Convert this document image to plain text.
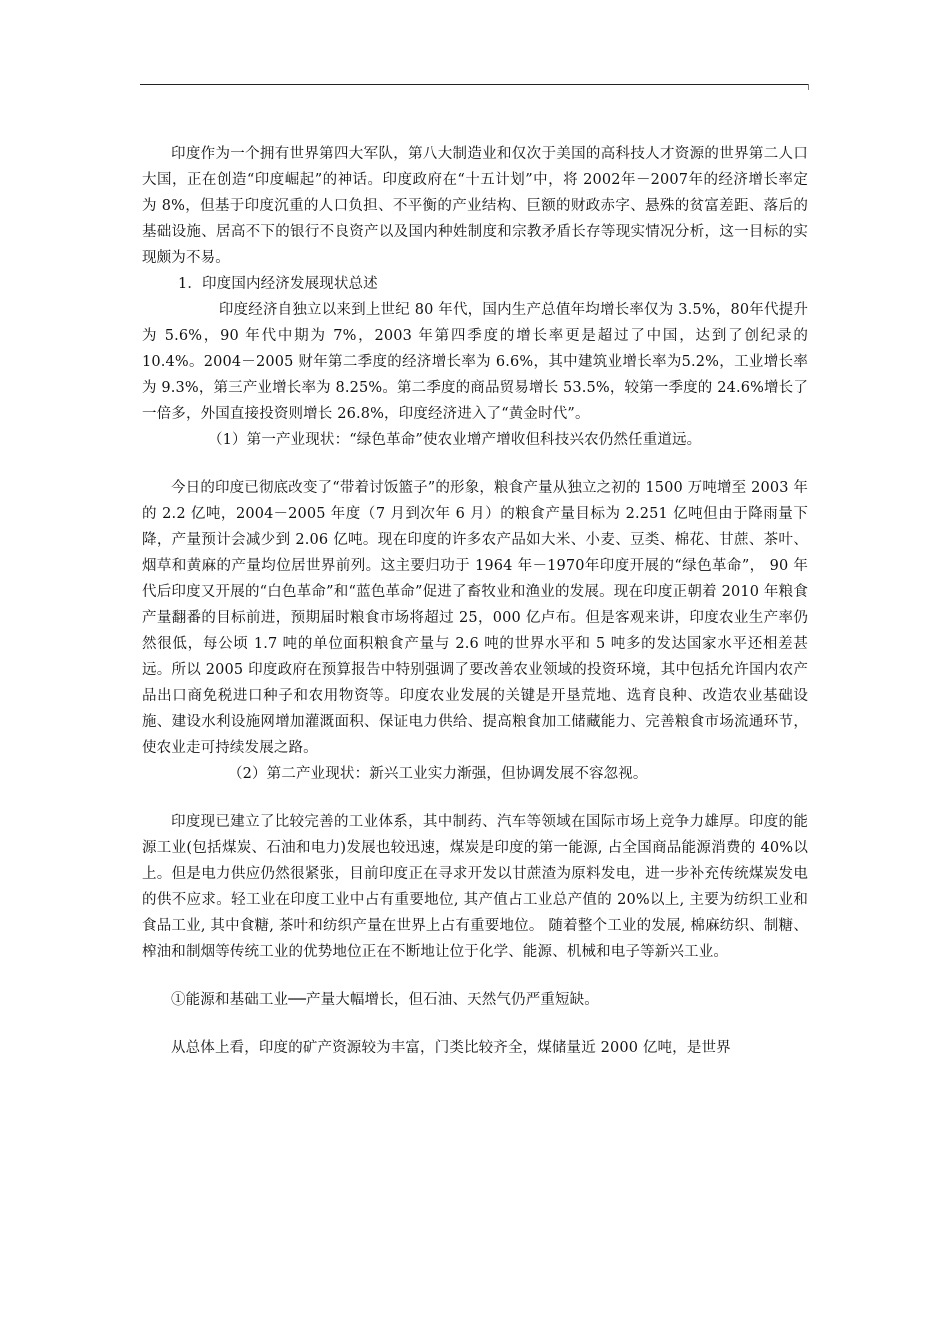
印度作为一个拥有世界第四大军队，第八大制造业和仅次于美国的高科技人才资源的世界第二人口大国，正在创造“印度崛起”的神话。印度政府在“十五计划”中，将 2002年－2007年的经济增长率定为 8%，但基于印度沉重的人口负担、不平衡的产业结构、巨额的财政赤字、悬殊的贫富差距、落后的基础设施、居高不下的银行不良资产以及国内种姓制度和宗教矛盾长存等现实情况分析，这一目标的实现颇为不易。

1．印度国内经济发展现状总述

印度经济自独立以来到上世纪 80 年代，国内生产总值年均增长率仅为 3.5%，80年代提升为 5.6%，90 年代中期为 7%，2003 年第四季度的增长率更是超过了中国，达到了创纪录的 10.4%。2004－2005 财年第二季度的经济增长率为 6.6%，其中建筑业增长率为5.2%，工业增长率为 9.3%，第三产业增长率为 8.25%。第二季度的商品贸易增长 53.5%，较第一季度的 24.6%增长了一倍多，外国直接投资则增长 26.8%，印度经济进入了“黄金时代”。

（1）第一产业现状：“绿色革命”使农业增产增收但科技兴农仍然任重道远。

今日的印度已彻底改变了“带着讨饭篮子”的形象，粮食产量从独立之初的 1500 万吨增至 2003 年的 2.2 亿吨，2004－2005 年度（7 月到次年 6 月）的粮食产量目标为 2.251 亿吨但由于降雨量下降，产量预计会减少到 2.06 亿吨。现在印度的许多农产品如大米、小麦、豆类、棉花、甘蔗、茶叶、烟草和黄麻的产量均位居世界前列。这主要归功于 1964 年－1970年印度开展的“绿色革命”， 90 年代后印度又开展的“白色革命”和“蓝色革命”促进了畜牧业和渔业的发展。现在印度正朝着 2010 年粮食产量翻番的目标前进，预期届时粮食市场将超过 25，000 亿卢布。但是客观来讲，印度农业生产率仍然很低，每公顷 1.7 吨的单位面积粮食产量与 2.6 吨的世界水平和 5 吨多的发达国家水平还相差甚远。所以 2005 印度政府在预算报告中特别强调了要改善农业领域的投资环境，其中包括允许国内农产品出口商免税进口种子和农用物资等。印度农业发展的关键是开垦荒地、选育良种、改造农业基础设施、建设水利设施网增加灌溉面积、保证电力供给、提高粮食加工储藏能力、完善粮食市场流通环节，使农业走可持续发展之路。

（2）第二产业现状：新兴工业实力渐强，但协调发展不容忽视。

印度现已建立了比较完善的工业体系，其中制药、汽车等领域在国际市场上竞争力雄厚。印度的能源工业(包括煤炭、石油和电力)发展也较迅速，煤炭是印度的第一能源, 占全国商品能源消费的 40%以上。但是电力供应仍然很紧张，目前印度正在寻求开发以甘蔗渣为原料发电，进一步补充传统煤炭发电的供不应求。轻工业在印度工业中占有重要地位, 其产值占工业总产值的 20%以上, 主要为纺织工业和食品工业, 其中食糖, 茶叶和纺织产量在世界上占有重要地位。 随着整个工业的发展, 棉麻纺织、制糖、榨油和制烟等传统工业的优势地位正在不断地让位于化学、能源、机械和电子等新兴工业。

①能源和基础工业──产量大幅增长，但石油、天然气仍严重短缺。

从总体上看，印度的矿产资源较为丰富，门类比较齐全，煤储量近 2000 亿吨，是世界
